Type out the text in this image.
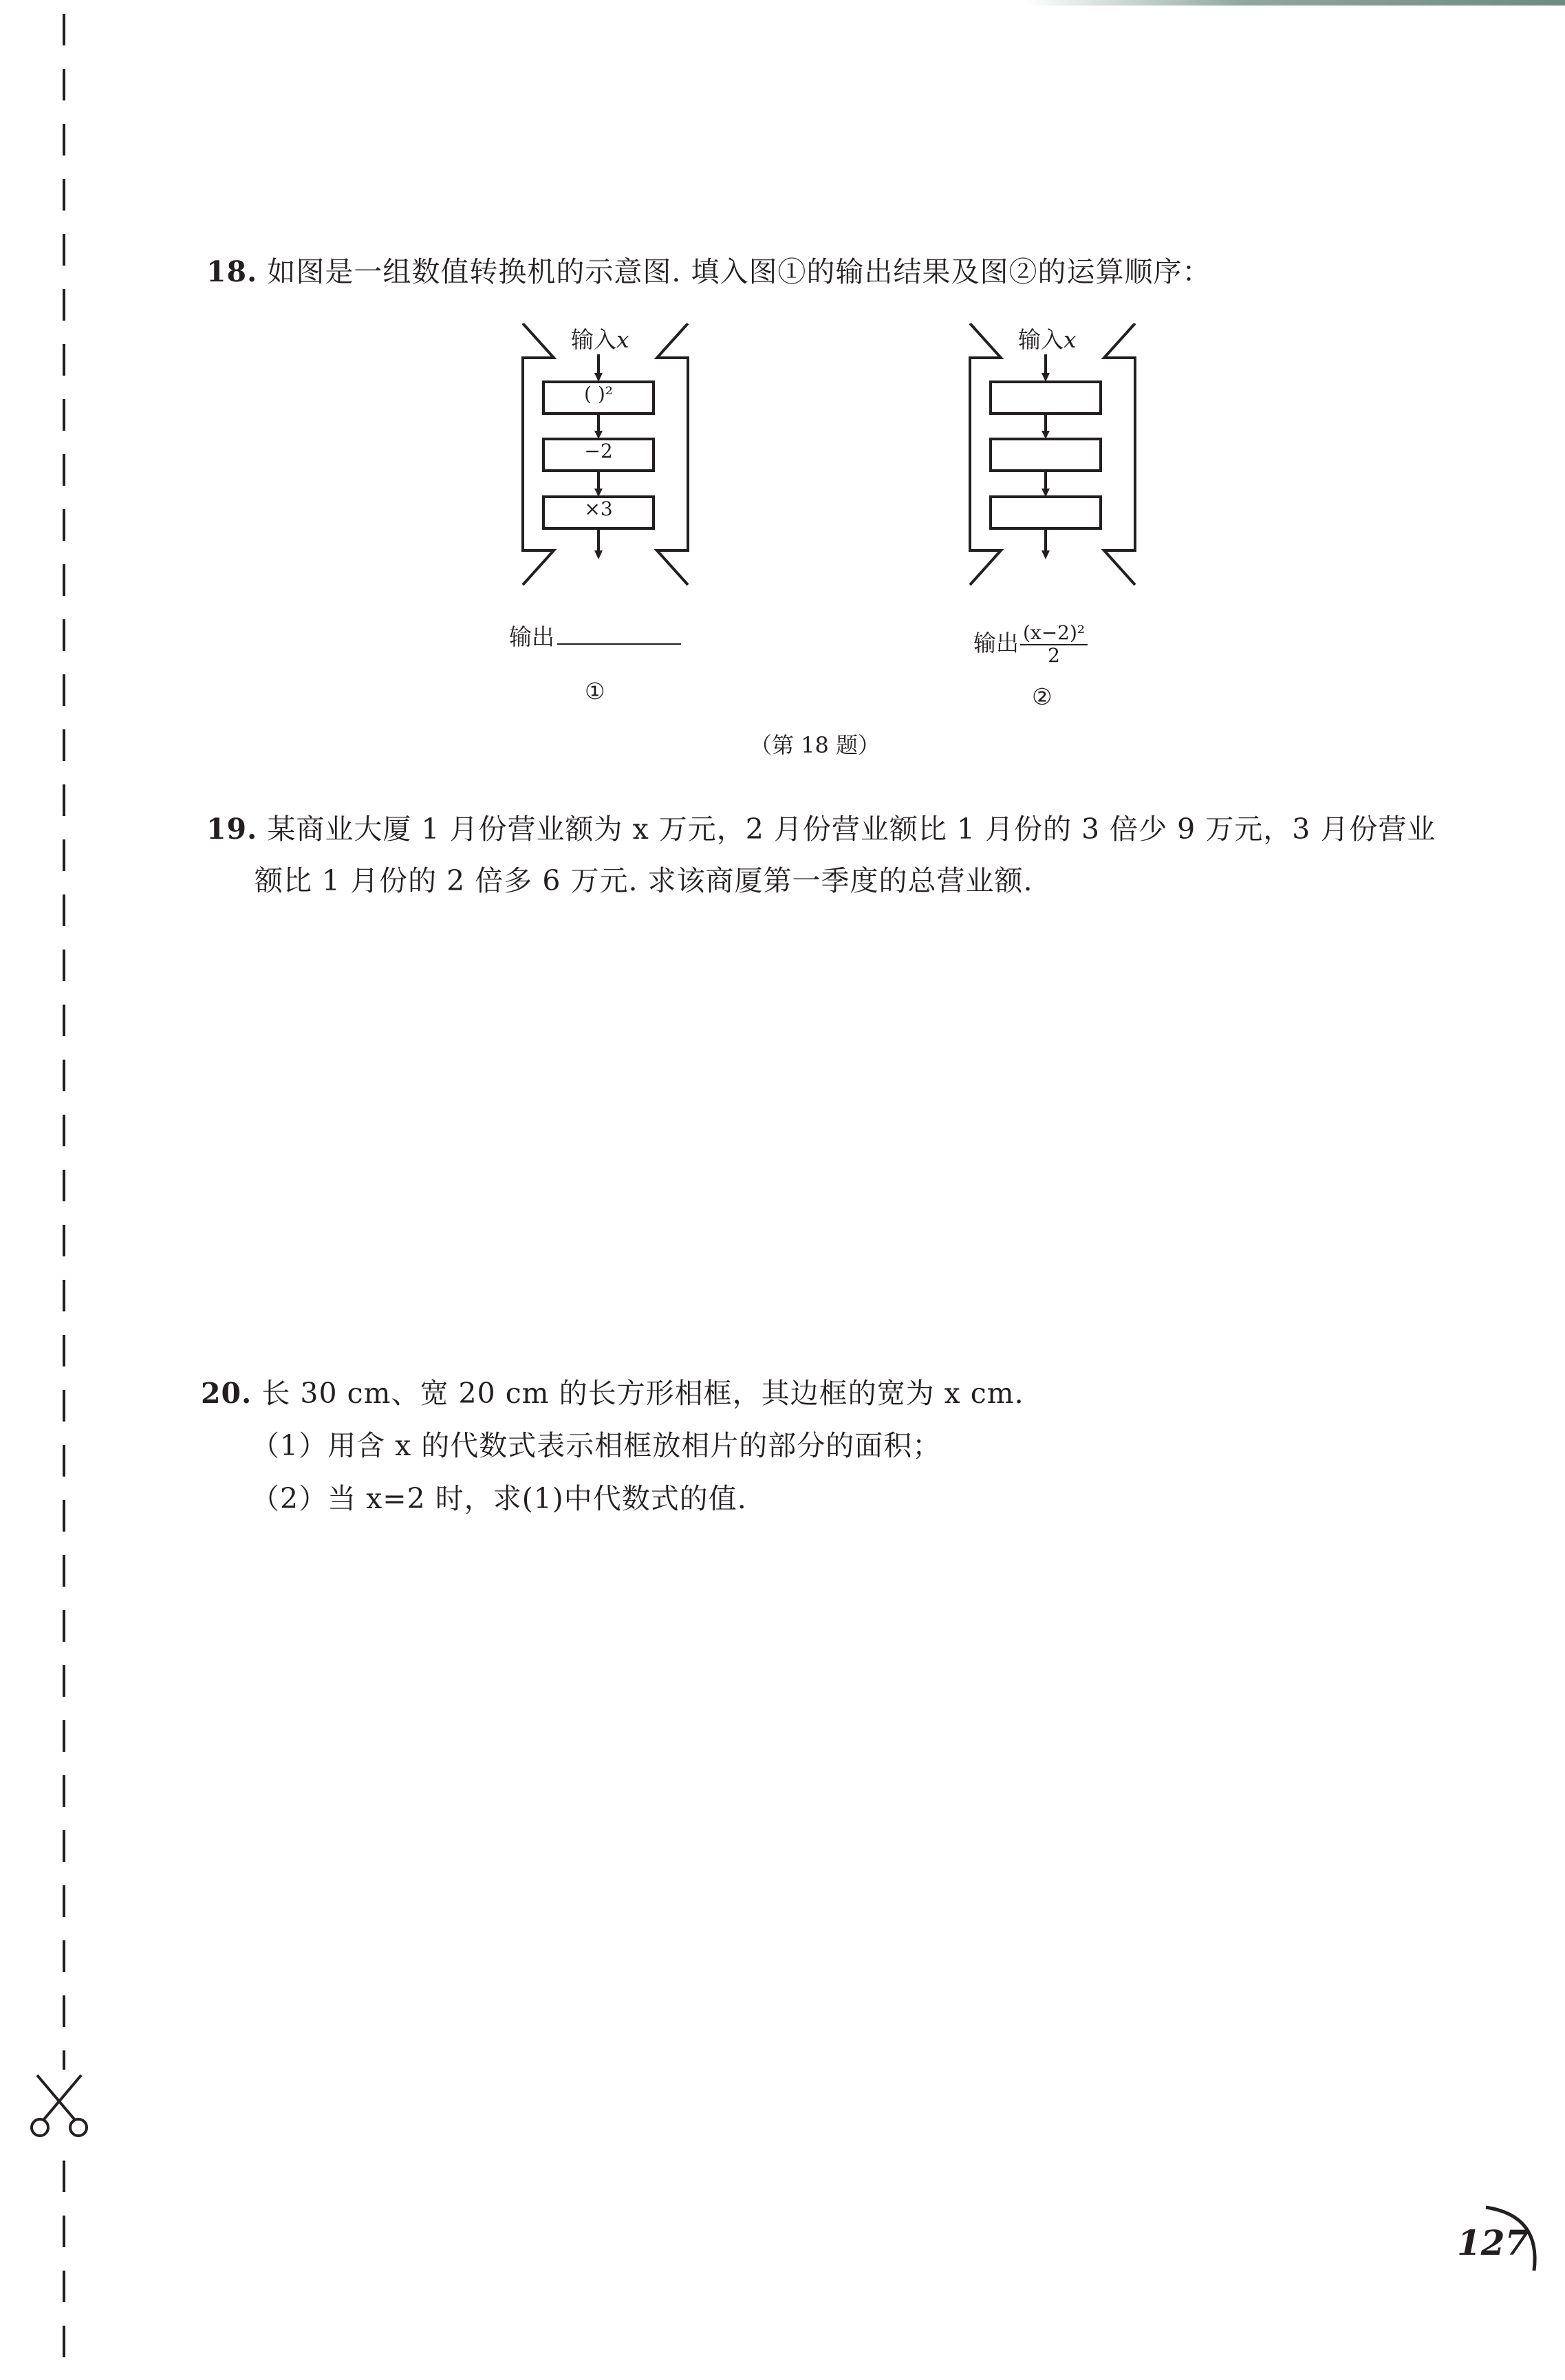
18. 如图是一组数值转换机的示意图. 填入图①的输出结果及图②的运算顺序：
输入x
( )²
−2
×3
输出
①
输入x
输出 $\frac{\text{(x−2)²}}{2}$
②
（第 18 题）
19. 某商业大厦 1 月份营业额为 x 万元，2 月份营业额比 1 月份的 3 倍少 9 万元，3 月份营业
额比 1 月份的 2 倍多 6 万元. 求该商厦第一季度的总营业额.
20. 长 30 cm、宽 20 cm 的长方形相框，其边框的宽为 x cm.
（1）用含 x 的代数式表示相框放相片的部分的面积；
（2）当 x=2 时，求(1)中代数式的值.
127
